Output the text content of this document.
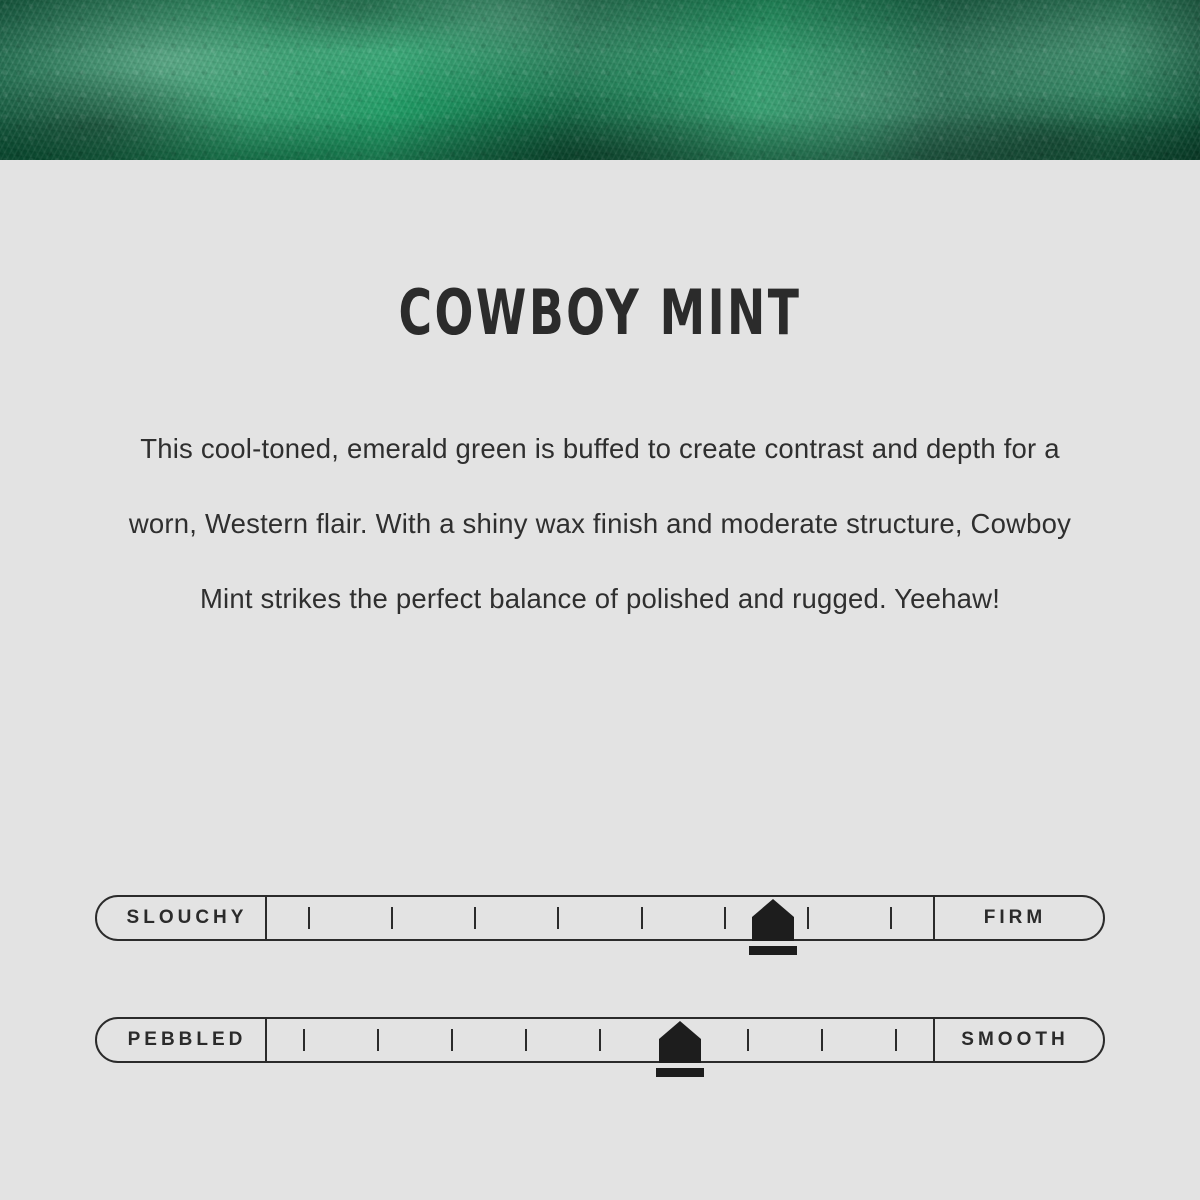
COWBOY MINT

This cool-toned, emerald green is buffed to create contrast and depth for a worn, Western flair. With a shiny wax finish and moderate structure, Cowboy Mint strikes the perfect balance of polished and rugged. Yeehaw!

SLOUCHY	FIRM
PEBBLED	SMOOTH
